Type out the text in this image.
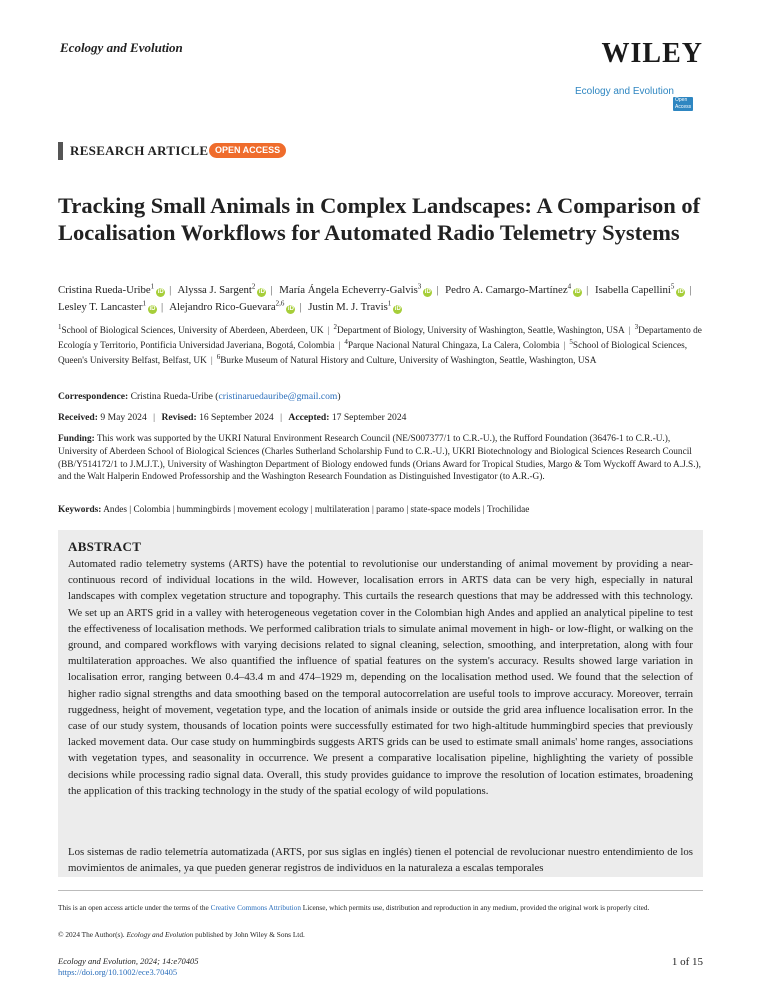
Ecology and Evolution	WILEY
Ecology and Evolution
Open Access
RESEARCH ARTICLE OPEN ACCESS
Tracking Small Animals in Complex Landscapes: A Comparison of Localisation Workflows for Automated Radio Telemetry Systems
Cristina Rueda-Uribe$^1$iD | Alyssa J. Sargent$^2$iD | María Ángela Echeverry-Galvis$^3$iD | Pedro A. Camargo-Martínez$^4$iD | Isabella Capellini$^5$iD | Lesley T. Lancaster$^1$iD | Alejandro Rico-Guevara$^{2,6}$iD | Justin M. J. Travis$^1$iD
$^1$School of Biological Sciences, University of Aberdeen, Aberdeen, UK | $^2$Department of Biology, University of Washington, Seattle, Washington, USA | $^3$Departamento de Ecología y Territorio, Pontificia Universidad Javeriana, Bogotá, Colombia | $^4$Parque Nacional Natural Chingaza, La Calera, Colombia | $^5$School of Biological Sciences, Queen's University Belfast, Belfast, UK | $^6$Burke Museum of Natural History and Culture, University of Washington, Seattle, Washington, USA
Correspondence: Cristina Rueda-Uribe (cristinaruedauribe@gmail.com)
Received: 9 May 2024 | Revised: 16 September 2024 | Accepted: 17 September 2024
Funding: This work was supported by the UKRI Natural Environment Research Council (NE/S007377/1 to C.R.-U.), the Rufford Foundation (36476-1 to C.R.-U.), University of Aberdeen School of Biological Sciences (Charles Sutherland Scholarship Fund to C.R.-U.), UKRI Biotechnology and Biological Sciences Research Council (BB/Y514172/1 to J.M.J.T.), University of Washington Department of Biology endowed funds (Orians Award for Tropical Studies, Margo & Tom Wyckoff Award to A.J.S.), and the Walt Halperin Endowed Professorship and the Washington Research Foundation as Distinguished Investigator (to A.R.-G).
Keywords: Andes | Colombia | hummingbirds | movement ecology | multilateration | paramo | state-space models | Trochilidae
ABSTRACT
Automated radio telemetry systems (ARTS) have the potential to revolutionise our understanding of animal movement by providing a near-continuous record of individual locations in the wild. However, localisation errors in ARTS data can be very high, especially in natural landscapes with complex vegetation structure and topography. This curtails the research questions that may be addressed with this technology. We set up an ARTS grid in a valley with heterogeneous vegetation cover in the Colombian high Andes and applied an analytical pipeline to test the effectiveness of localisation methods. We performed calibration trials to simulate animal movement in high- or low-flight, or walking on the ground, and compared workflows with varying decisions related to signal cleaning, selection, smoothing, and interpretation, along with four multilateration approaches. We also quantified the influence of spatial features on the system's accuracy. Results showed large variation in localisation error, ranging between 0.4–43.4 m and 474–1929 m, depending on the localisation method used. We found that the selection of higher radio signal strengths and data smoothing based on the temporal autocorrelation are useful tools to improve accuracy. Moreover, terrain ruggedness, height of movement, vegetation type, and the location of animals inside or outside the grid area influence localisation error. In the case of our study system, thousands of location points were successfully estimated for two high-altitude hummingbird species that previously lacked movement data. Our case study on hummingbirds suggests ARTS grids can be used to estimate small animals' home ranges, associations with vegetation types, and seasonality in occurrence. We present a comparative localisation pipeline, highlighting the variety of possible decisions while processing radio signal data. Overall, this study provides guidance to improve the resolution of location estimates, broadening the application of this tracking technology in the study of the spatial ecology of wild populations.
Los sistemas de radio telemetría automatizada (ARTS, por sus siglas en inglés) tienen el potencial de revolucionar nuestro entendimiento de los movimientos de animales, ya que pueden generar registros de individuos en la naturaleza a escalas temporales
This is an open access article under the terms of the Creative Commons Attribution License, which permits use, distribution and reproduction in any medium, provided the original work is properly cited.
© 2024 The Author(s). Ecology and Evolution published by John Wiley & Sons Ltd.
Ecology and Evolution, 2024; 14:e70405
https://doi.org/10.1002/ece3.70405
1 of 15
